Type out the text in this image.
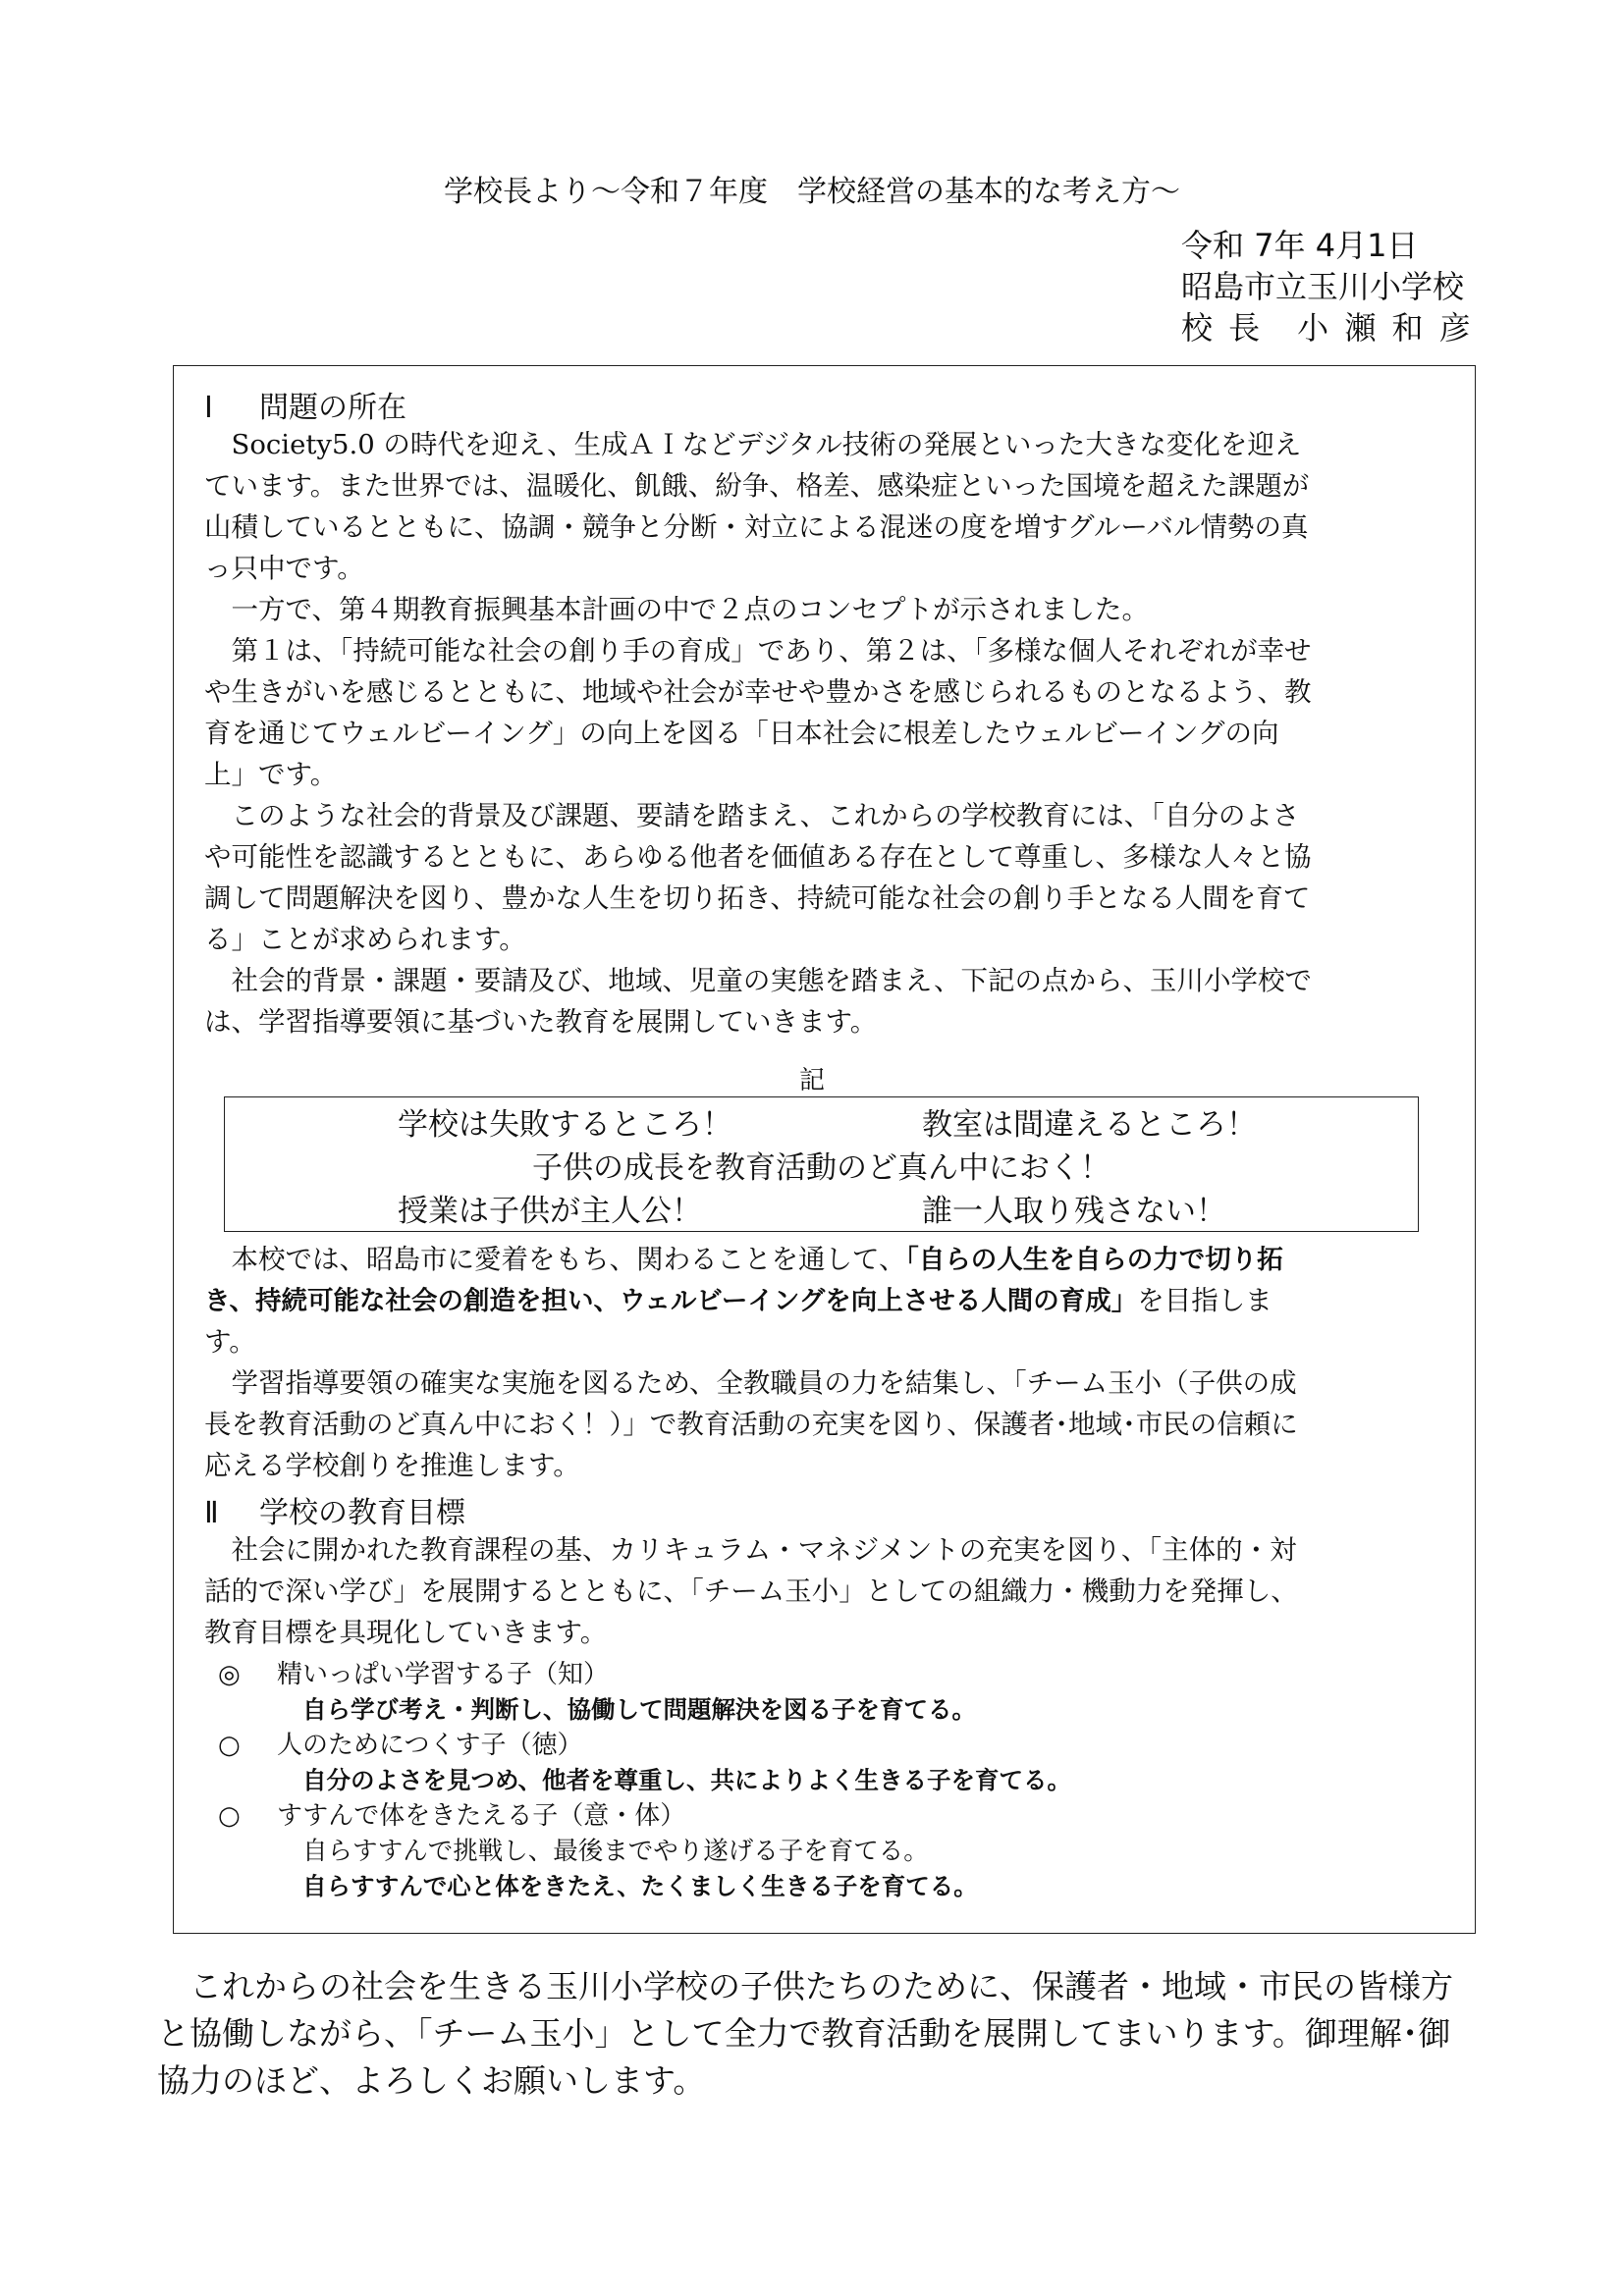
学校長より〜令和７年度　学校経営の基本的な考え方〜
令和 7年 4月1日
昭島市立玉川小学校
校 長　小 瀬 和 彦
Ⅰ 問題の所在
　Society5.0 の時代を迎え、生成ＡＩなどデジタル技術の発展といった大きな変化を迎え
ています。また世界では、温暖化、飢餓、紛争、格差、感染症といった国境を超えた課題が
山積しているとともに、協調・競争と分断・対立による混迷の度を増すグルーバル情勢の真
っ只中です。
　一方で、第４期教育振興基本計画の中で２点のコンセプトが示されました。
　第１は、「持続可能な社会の創り手の育成」であり、第２は、「多様な個人それぞれが幸せ
や生きがいを感じるとともに、地域や社会が幸せや豊かさを感じられるものとなるよう、教
育を通じてウェルビーイング」の向上を図る「日本社会に根差したウェルビーイングの向
上」です。
　このような社会的背景及び課題、要請を踏まえ、これからの学校教育には、「自分のよさ
や可能性を認識するとともに、あらゆる他者を価値ある存在として尊重し、多様な人々と協
調して問題解決を図り、豊かな人生を切り拓き、持続可能な社会の創り手となる人間を育て
る」ことが求められます。
　社会的背景・課題・要請及び、地域、児童の実態を踏まえ、下記の点から、玉川小学校で
は、学習指導要領に基づいた教育を展開していきます。
記
学校は失敗するところ！	教室は間違えるところ！
子供の成長を教育活動のど真ん中におく！
授業は子供が主人公！	誰一人取り残さない！
　本校では、昭島市に愛着をもち、関わることを通して、「自らの人生を自らの力で切り拓
き、持続可能な社会の創造を担い、ウェルビーイングを向上させる人間の育成」を目指しま
す。
　学習指導要領の確実な実施を図るため、全教職員の力を結集し、「チーム玉小（子供の成
長を教育活動のど真ん中におく！）」で教育活動の充実を図り、保護者･地域･市民の信頼に
応える学校創りを推進します。
Ⅱ 学校の教育目標
　社会に開かれた教育課程の基、カリキュラム・マネジメントの充実を図り、「主体的・対
話的で深い学び」を展開するとともに、「チーム玉小」としての組織力・機動力を発揮し、
教育目標を具現化していきます。
◎ 精いっぱい学習する子（知）
自ら学び考え・判断し、協働して問題解決を図る子を育てる。
○ 人のためにつくす子（徳）
自分のよさを見つめ、他者を尊重し、共によりよく生きる子を育てる。
○ すすんで体をきたえる子（意・体）
自らすすんで挑戦し、最後までやり遂げる子を育てる。
自らすすんで心と体をきたえ、たくましく生きる子を育てる。
　これからの社会を生きる玉川小学校の子供たちのために、保護者・地域・市民の皆様方
と協働しながら、「チーム玉小」として全力で教育活動を展開してまいります。御理解･御
協力のほど、よろしくお願いします。
